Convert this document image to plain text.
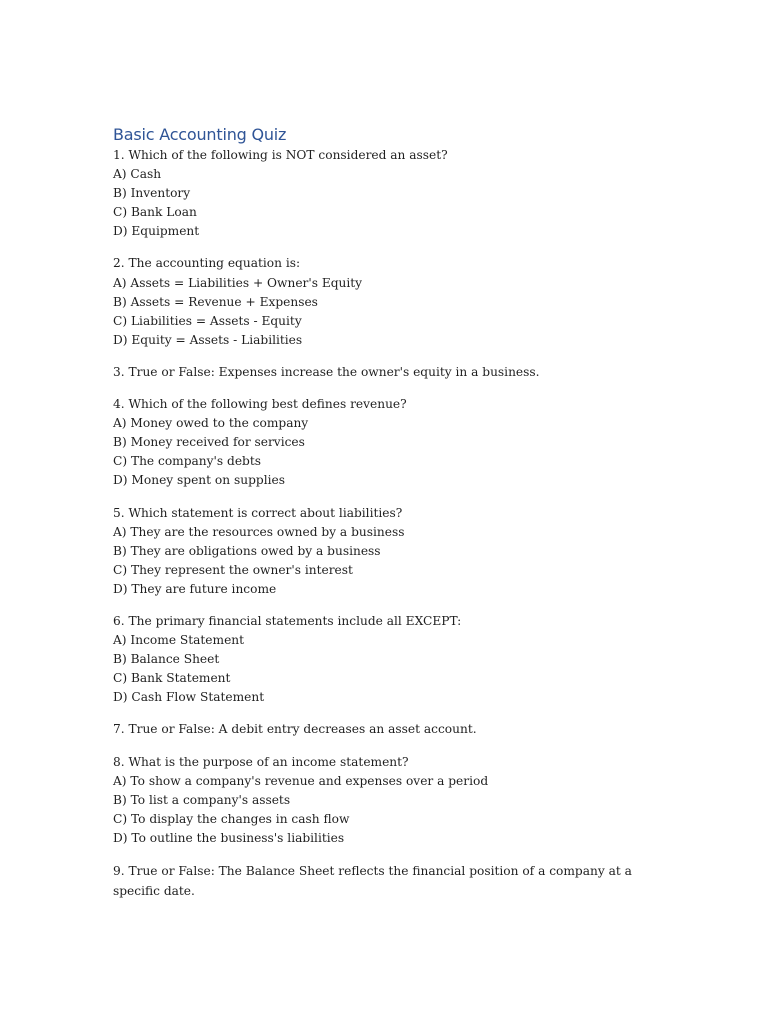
Basic Accounting Quiz
1. Which of the following is NOT considered an asset?
A) Cash
B) Inventory
C) Bank Loan
D) Equipment
2. The accounting equation is:
A) Assets = Liabilities + Owner's Equity
B) Assets = Revenue + Expenses
C) Liabilities = Assets - Equity
D) Equity = Assets - Liabilities
3. True or False: Expenses increase the owner's equity in a business.
4. Which of the following best defines revenue?
A) Money owed to the company
B) Money received for services
C) The company's debts
D) Money spent on supplies
5. Which statement is correct about liabilities?
A) They are the resources owned by a business
B) They are obligations owed by a business
C) They represent the owner's interest
D) They are future income
6. The primary financial statements include all EXCEPT:
A) Income Statement
B) Balance Sheet
C) Bank Statement
D) Cash Flow Statement
7. True or False: A debit entry decreases an asset account.
8. What is the purpose of an income statement?
A) To show a company's revenue and expenses over a period
B) To list a company's assets
C) To display the changes in cash flow
D) To outline the business's liabilities
9. True or False: The Balance Sheet reflects the financial position of a company at a specific date.
